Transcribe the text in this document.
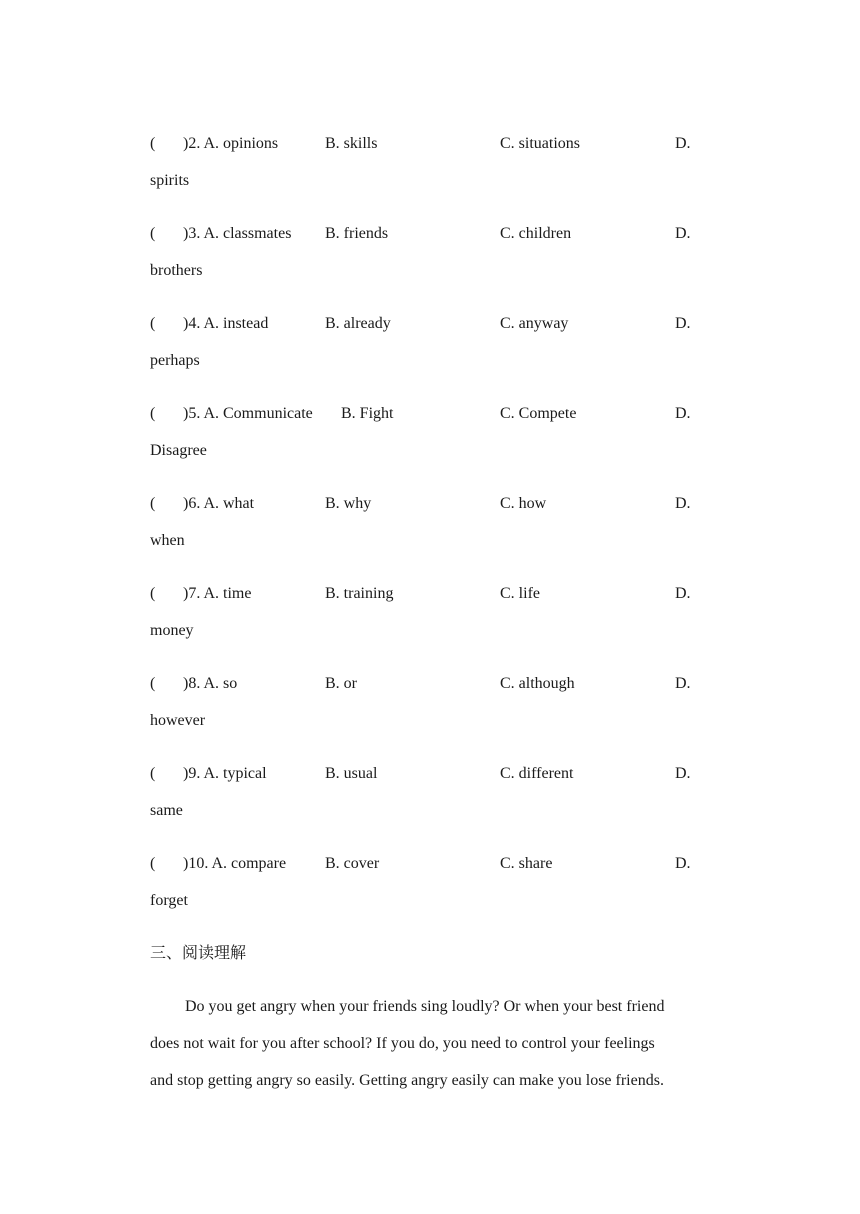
( )2. A. opinions	B. skills	C. situations	D.
spirits
( )3. A. classmates B. friends	C. children	D.
brothers
( )4. A. instead	B. already	C. anyway	D.
perhaps
( )5. A. Communicate B. Fight	C. Compete	D.
Disagree
( )6. A. what	B. why	C. how	D.
when
( )7. A. time	B. training	C. life	D.
money
( )8. A. so	B. or	C. although	D.
however
( )9. A. typical	B. usual	C. different	D.
same
( )10. A. compare B. cover	C. share	D.
forget
三、阅读理解
Do you get angry when your friends sing loudly? Or when your best friend
does not wait for you after school? If you do, you need to control your feelings
and stop getting angry so easily. Getting angry easily can make you lose friends.
